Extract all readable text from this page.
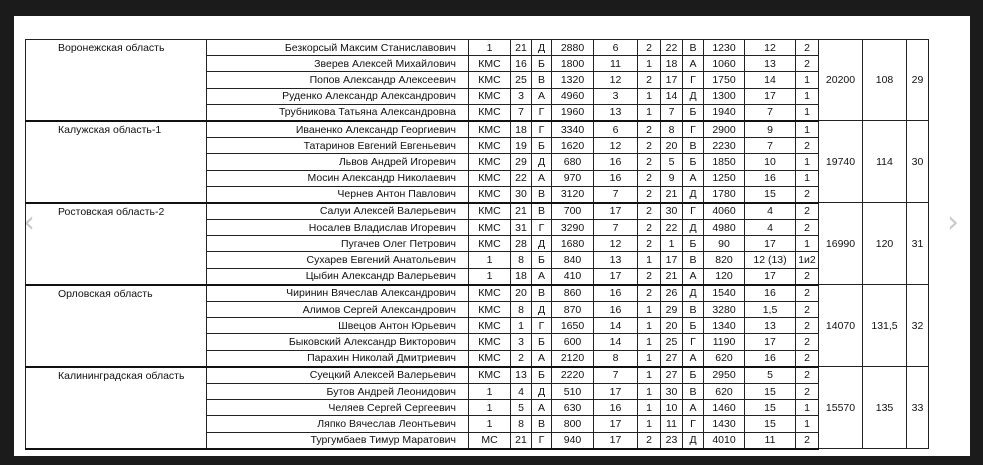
‹	›
Воронежская область	Безкорсый Максим Станиславович	1	21	Д	2880	6	2	22	В	1230	12	2	20200	108	29
	Зверев Алексей Михайлович	КМС	16	Б	1800	11	1	18	А	1060	13	2			
	Попов Александр Алексеевич	КМС	25	В	1320	12	2	17	Г	1750	14	1			
	Руденко Александр Александрович	КМС	3	А	4960	3	1	14	Д	1300	17	1			
	Трубникова Татьяна Александровна	КМС	7	Г	1960	13	1	7	Б	1940	7	1			
Калужская область-1	Иваненко Александр Георгиевич	КМС	18	Г	3340	6	2	8	Г	2900	9	1	19740	114	30
	Татаринов Евгений Евгеньевич	КМС	19	Б	1620	12	2	20	В	2230	7	2			
	Львов Андрей Игоревич	КМС	29	Д	680	16	2	5	Б	1850	10	1			
	Мосин Александр Николаевич	КМС	22	А	970	16	2	9	А	1250	16	1			
	Чернев Антон Павлович	КМС	30	В	3120	7	2	21	Д	1780	15	2			
Ростовская область-2	Салуи Алексей Валерьевич	КМС	21	В	700	17	2	30	Г	4060	4	2	16990	120	31
	Носалев Владислав Игоревич	КМС	31	Г	3290	7	2	22	Д	4980	4	2			
	Пугачев Олег Петрович	КМС	28	Д	1680	12	2	1	Б	90	17	1			
	Сухарев Евгений Анатольевич	1	8	Б	840	13	1	17	В	820	12 (13)	1и2			
	Цыбин Александр Валерьевич	1	18	А	410	17	2	21	А	120	17	2			
Орловская область	Чиринин Вячеслав Александрович	КМС	20	В	860	16	2	26	Д	1540	16	2	14070	131,5	32
	Алимов Сергей Александрович	КМС	8	Д	870	16	1	29	В	3280	1,5	2			
	Швецов Антон Юрьевич	КМС	1	Г	1650	14	1	20	Б	1340	13	2			
	Быковский Александр Викторович	КМС	3	Б	600	14	1	25	Г	1190	17	2			
	Парахин Николай Дмитриевич	КМС	2	А	2120	8	1	27	А	620	16	2			
Калининградская область	Суецкий Алексей Валерьевич	КМС	13	Б	2220	7	1	27	Б	2950	5	2	15570	135	33
	Бутов Андрей Леонидович	1	4	Д	510	17	1	30	В	620	15	2			
	Челяев Сергей Сергеевич	1	5	А	630	16	1	10	А	1460	15	1			
	Ляпко Вячеслав Леонтьевич	1	8	В	800	17	1	11	Г	1430	15	1			
	Тургумбаев Тимур Маратович	МС	21	Г	940	17	2	23	Д	4010	11	2			
